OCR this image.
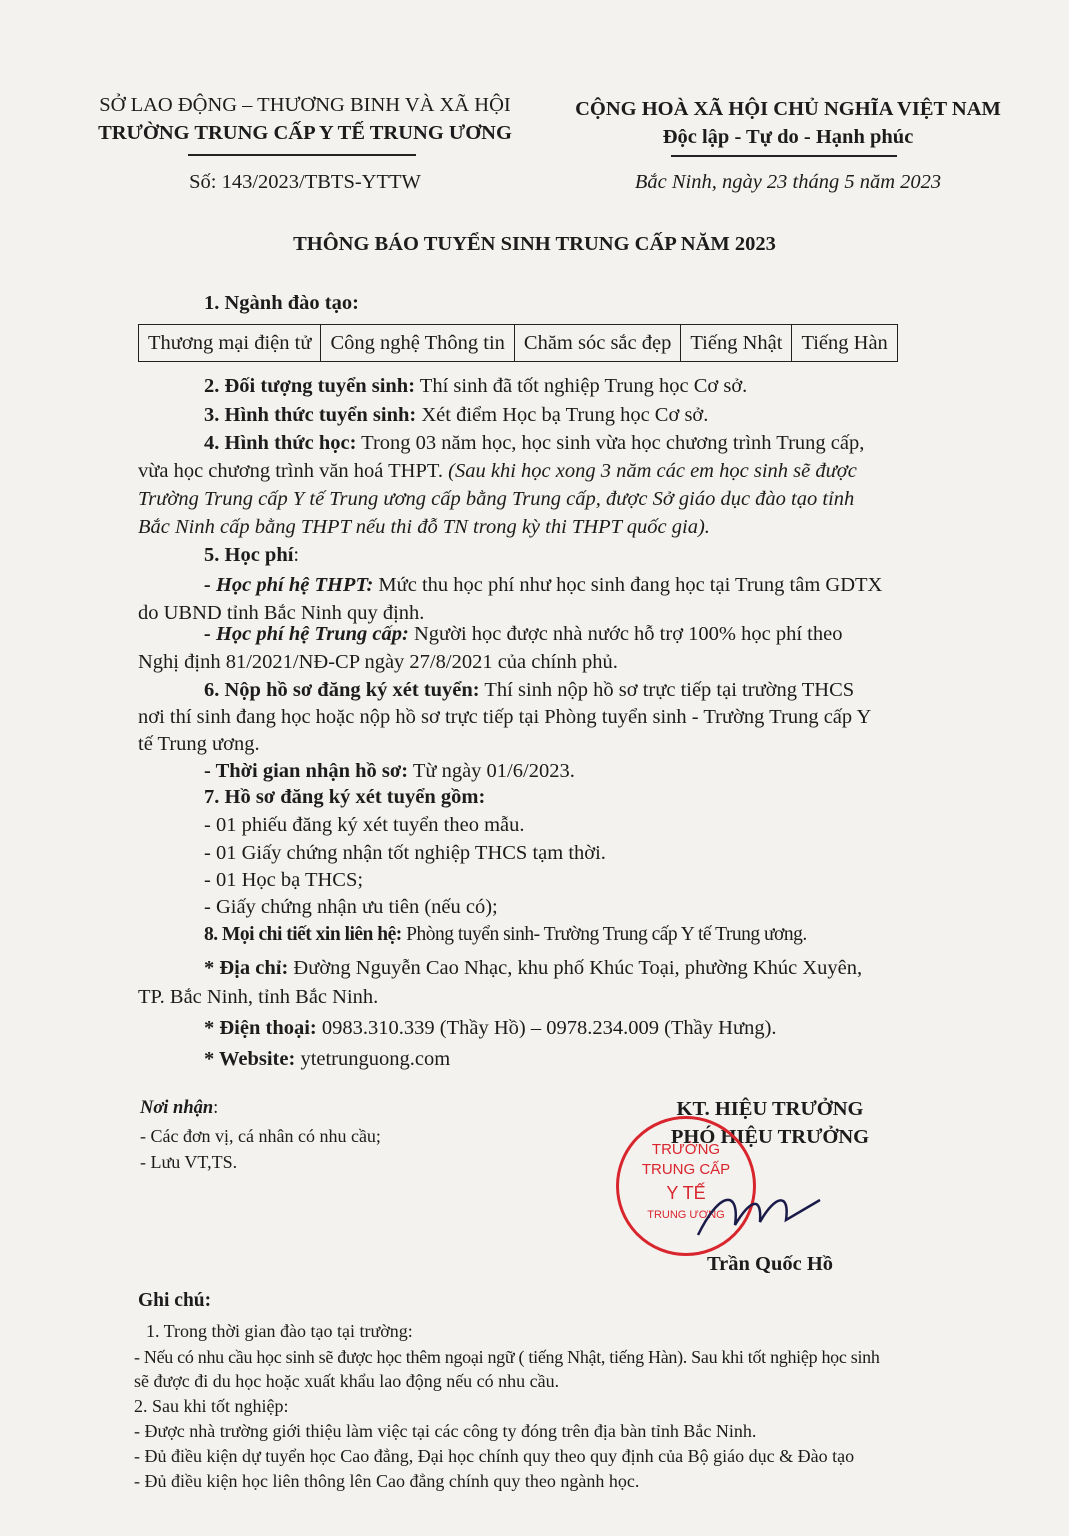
SỞ LAO ĐỘNG – THƯƠNG BINH VÀ XÃ HỘI
TRƯỜNG TRUNG CẤP Y TẾ TRUNG ƯƠNG
Số: 143/2023/TBTS-YTTW
CỘNG HOÀ XÃ HỘI CHỦ NGHĨA VIỆT NAM
Độc lập - Tự do - Hạnh phúc
Bắc Ninh, ngày 23 tháng 5 năm 2023
THÔNG BÁO TUYỂN SINH TRUNG CẤP NĂM 2023

1. Ngành đào tạo:

Thương mại điện tử	Công nghệ Thông tin	Chăm sóc sắc đẹp	Tiếng Nhật	Tiếng Hàn

2. Đối tượng tuyển sinh: Thí sinh đã tốt nghiệp Trung học Cơ sở.

3. Hình thức tuyển sinh: Xét điểm Học bạ Trung học Cơ sở.

4. Hình thức học: Trong 03 năm học, học sinh vừa học chương trình Trung cấp,

vừa học chương trình văn hoá THPT. (Sau khi học xong 3 năm các em học sinh sẽ được

Trường Trung cấp Y tế Trung ương cấp bằng Trung cấp, được Sở giáo dục đào tạo tỉnh

Bắc Ninh cấp bằng THPT nếu thi đỗ TN trong kỳ thi THPT quốc gia).

5. Học phí:

- Học phí hệ THPT: Mức thu học phí như học sinh đang học tại Trung tâm GDTX

do UBND tỉnh Bắc Ninh quy định.

- Học phí hệ Trung cấp: Người học được nhà nước hỗ trợ 100% học phí theo

Nghị định 81/2021/NĐ-CP ngày 27/8/2021 của chính phủ.

6. Nộp hồ sơ đăng ký xét tuyển: Thí sinh nộp hồ sơ trực tiếp tại trường THCS

nơi thí sinh đang học hoặc nộp hồ sơ trực tiếp tại Phòng tuyển sinh - Trường Trung cấp Y

tế Trung ương.

- Thời gian nhận hồ sơ: Từ ngày 01/6/2023.

7. Hồ sơ đăng ký xét tuyển gồm:

- 01 phiếu đăng ký xét tuyển theo mẫu.

- 01 Giấy chứng nhận tốt nghiệp THCS tạm thời.

- 01 Học bạ THCS;

- Giấy chứng nhận ưu tiên (nếu có);

8. Mọi chi tiết xin liên hệ: Phòng tuyển sinh- Trường Trung cấp Y tế Trung ương.

* Địa chỉ: Đường Nguyễn Cao Nhạc, khu phố Khúc Toại, phường Khúc Xuyên,

TP. Bắc Ninh, tỉnh Bắc Ninh.

* Điện thoại: 0983.310.339 (Thầy Hồ) – 0978.234.009 (Thầy Hưng).

* Website: ytetrunguong.com

Nơi nhận:

- Các đơn vị, cá nhân có nhu cầu;

- Lưu VT,TS.

KT. HIỆU TRƯỞNG
PHÓ HIỆU TRƯỞNG
TRƯỜNG
TRUNG CẤP
Y TẾ
TRUNG ƯƠNG
Trần Quốc Hồ

Ghi chú:

1. Trong thời gian đào tạo tại trường:

- Nếu có nhu cầu học sinh sẽ được học thêm ngoại ngữ ( tiếng Nhật, tiếng Hàn). Sau khi tốt nghiệp học sinh

sẽ được đi du học hoặc xuất khẩu lao động nếu có nhu cầu.

2. Sau khi tốt nghiệp:

- Được nhà trường giới thiệu làm việc tại các công ty đóng trên địa bàn tỉnh Bắc Ninh.

- Đủ điều kiện dự tuyển học Cao đẳng, Đại học chính quy theo quy định của Bộ giáo dục & Đào tạo

- Đủ điều kiện học liên thông lên Cao đẳng chính quy theo ngành học.
